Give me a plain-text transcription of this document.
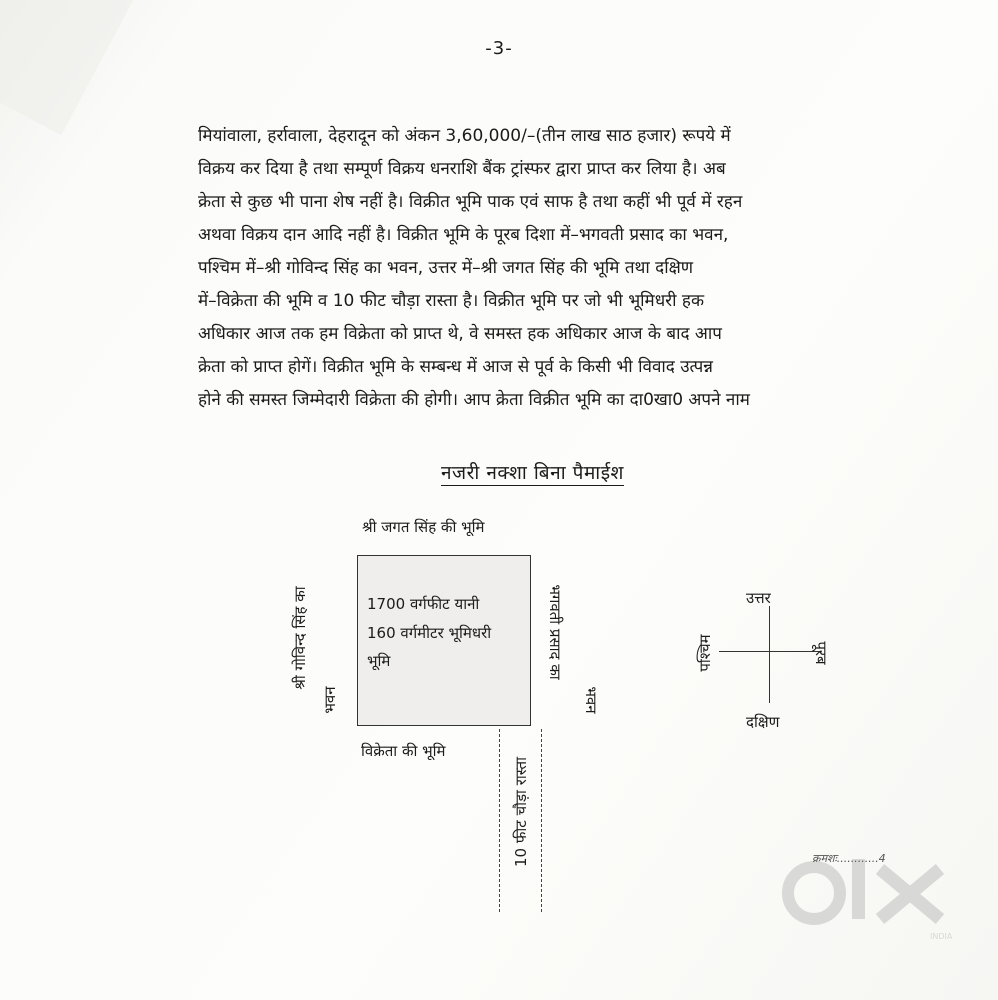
-3-
मियांवाला, हर्रावाला, देहरादून को अंकन 3,60,000/–(तीन लाख साठ हजार) रूपये में
विक्रय कर दिया है तथा सम्पूर्ण विक्रय धनराशि बैंक ट्रांस्फर द्वारा प्राप्त कर लिया है। अब
क्रेता से कुछ भी पाना शेष नहीं है। विक्रीत भूमि पाक एवं साफ है तथा कहीं भी पूर्व में रहन
अथवा विक्रय दान आदि नहीं है। विक्रीत भूमि के पूरब दिशा में–भगवती प्रसाद का भवन,
पश्चिम में–श्री गोविन्द सिंह का भवन, उत्तर में–श्री जगत सिंह की भूमि तथा दक्षिण
में–विक्रेता की भूमि व 10 फीट चौड़ा रास्ता है। विक्रीत भूमि पर जो भी भूमिधरी हक
अधिकार आज तक हम विक्रेता को प्राप्त थे, वे समस्त हक अधिकार आज के बाद आप
क्रेता को प्राप्त होगें। विक्रीत भूमि के सम्बन्ध में आज से पूर्व के किसी भी विवाद उत्पन्न
होने की समस्त जिम्मेदारी विक्रेता की होगी। आप क्रेता विक्रीत भूमि का दा0खा0 अपने नाम
नजरी नक्शा बिना पैमाईश
श्री जगत सिंह की भूमि
1700 वर्गफीट यानी
160 वर्गमीटर भूमिधरी
भूमि
श्री गोविन्द सिंह का
भवन
भगवती प्रसाद का
भवन
विक्रेता की भूमि
10 फीट चौड़ा रास्ता
उत्तर
दक्षिण
पश्चिम	पूरब
क्रमशः............4
INDIA
